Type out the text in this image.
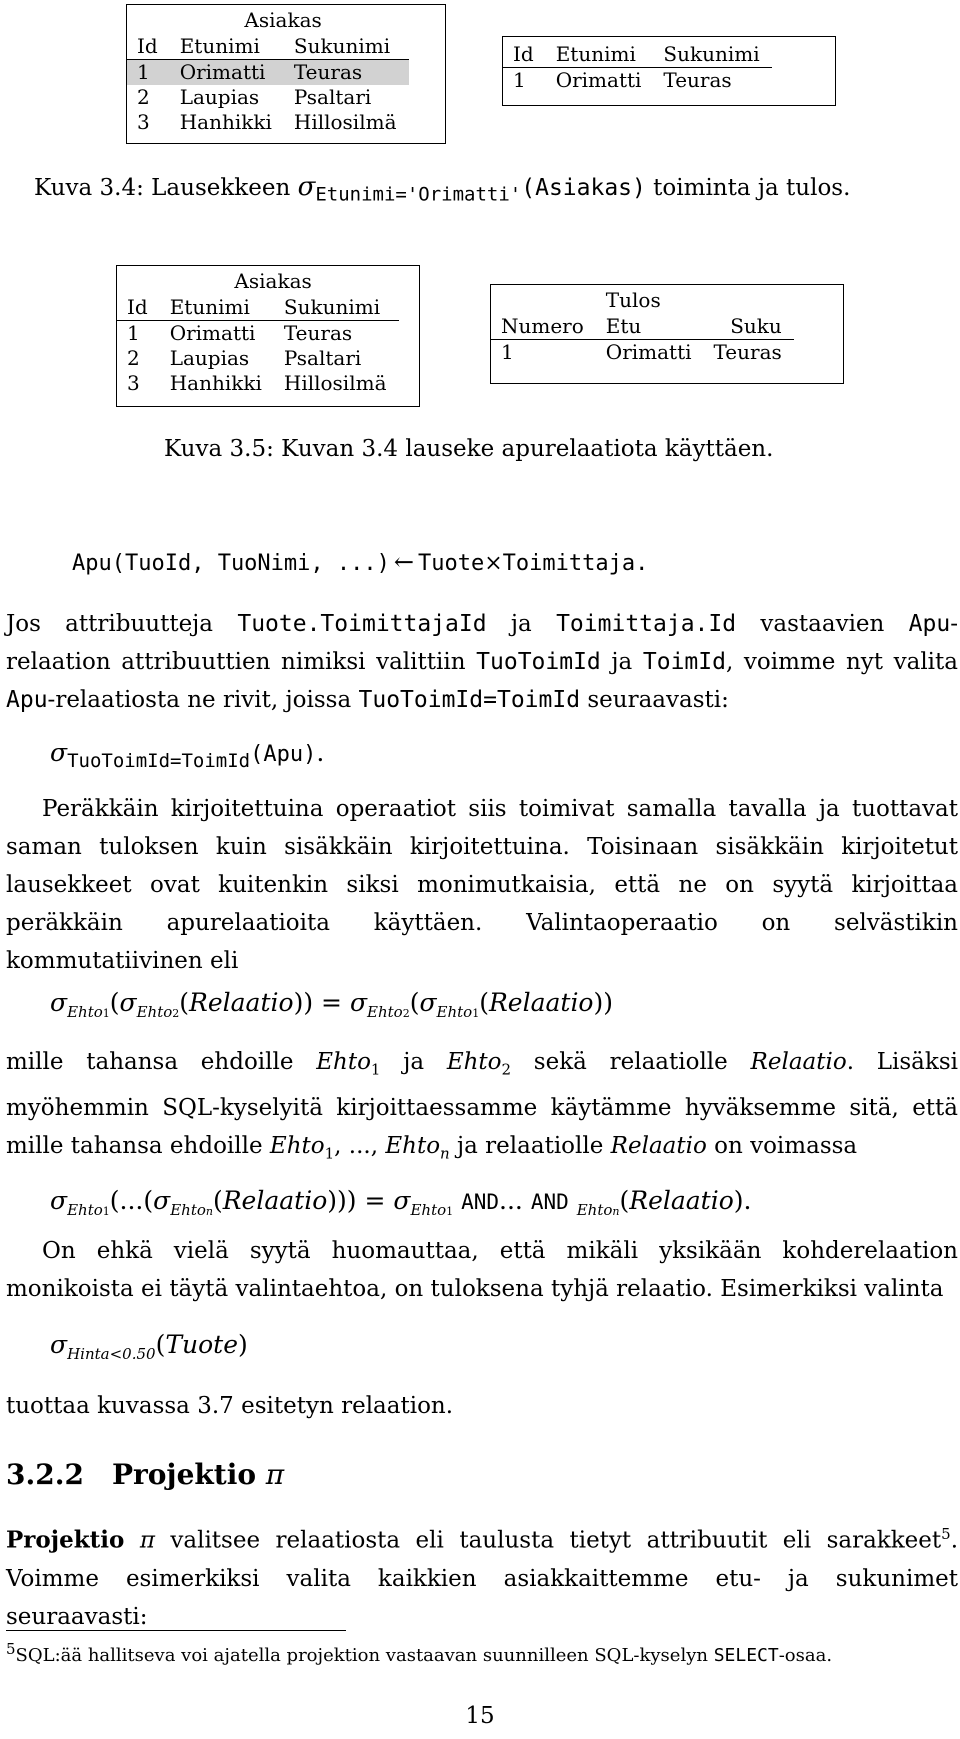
	Asiakas	
Id	Etunimi	Sukunimi
1	Orimatti	Teuras
2	Laupias	Psaltari
3	Hanhikki	Hillosilmä
Id	Etunimi	Sukunimi
1	Orimatti	Teuras
Kuva 3.4: Lausekkeen $\sigma_{Etunimi='Orimatti'}(Asiakas)$ toiminta ja tulos.
	Asiakas	
Id	Etunimi	Sukunimi
1	Orimatti	Teuras
2	Laupias	Psaltari
3	Hanhikki	Hillosilmä
	Tulos	
Numero	Etu	Suku
1	Orimatti	Teuras
Kuva 3.5: Kuvan 3.4 lauseke apurelaatiota käyttäen.
Apu(TuoId, TuoNimi, ...) ← Tuote×Toimittaja.
Jos attribuutteja Tuote.ToimittajaId ja Toimittaja.Id vastaavien Apu-relaation attribuuttien nimiksi valittiin TuoToimId ja ToimId, voimme nyt valita Apu-relaatiosta ne rivit, joissa TuoToimId=ToimId seuraavasti:
$\sigma_{TuoToimId=ToimId}(Apu)$.
Peräkkäin kirjoitettuina operaatiot siis toimivat samalla tavalla ja tuottavat saman tuloksen kuin sisäkkäin kirjoitettuina. Toisinaan sisäkkäin kirjoitetut lausekkeet ovat kuitenkin siksi monimutkaisia, että ne on syytä kirjoittaa peräkkäin apurelaatioita käyttäen. Valintaoperaatio on selvästikin kommutatiivinen eli
$\sigma_{Ehto1}(\sigma_{Ehto2}(Relaatio))$ = $\sigma_{Ehto2}(\sigma_{Ehto1}(Relaatio))$
mille tahansa ehdoille Ehto$_1$ ja Ehto$_2$ sekä relaatiolle Relaatio. Lisäksi myöhemmin SQL-kyselyitä kirjoittaessamme käytämme hyväksemme sitä, että mille tahansa ehdoille Ehto$_1$, ..., Ehto$_n$ ja relaatiolle Relaatio on voimassa
$\sigma_{Ehto1}(...(\sigma_{Ehton}(Relaatio))) = \sigma_{Ehto1}$ AND... AND $_{Ehton}$(Relaatio).
On ehkä vielä syytä huomauttaa, että mikäli yksikään kohderelaation monikoista ei täytä valintaehtoa, on tuloksena tyhjä relaatio. Esimerkiksi valinta
$\sigma_{Hinta<0.50}(Tuote)$
tuottaa kuvassa 3.7 esitetyn relaation.
3.2.2 Projektio π
Projektio π valitsee relaatiosta eli taulusta tietyt attribuutit eli sarakkeet$^5$. Voimme esimerkiksi valita kaikkien asiakkaittemme etu- ja sukunimet seuraavasti:
$^5$SQL:ää hallitseva voi ajatella projektion vastaavan suunnilleen SQL-kyselyn SELECT-osaa.
15
